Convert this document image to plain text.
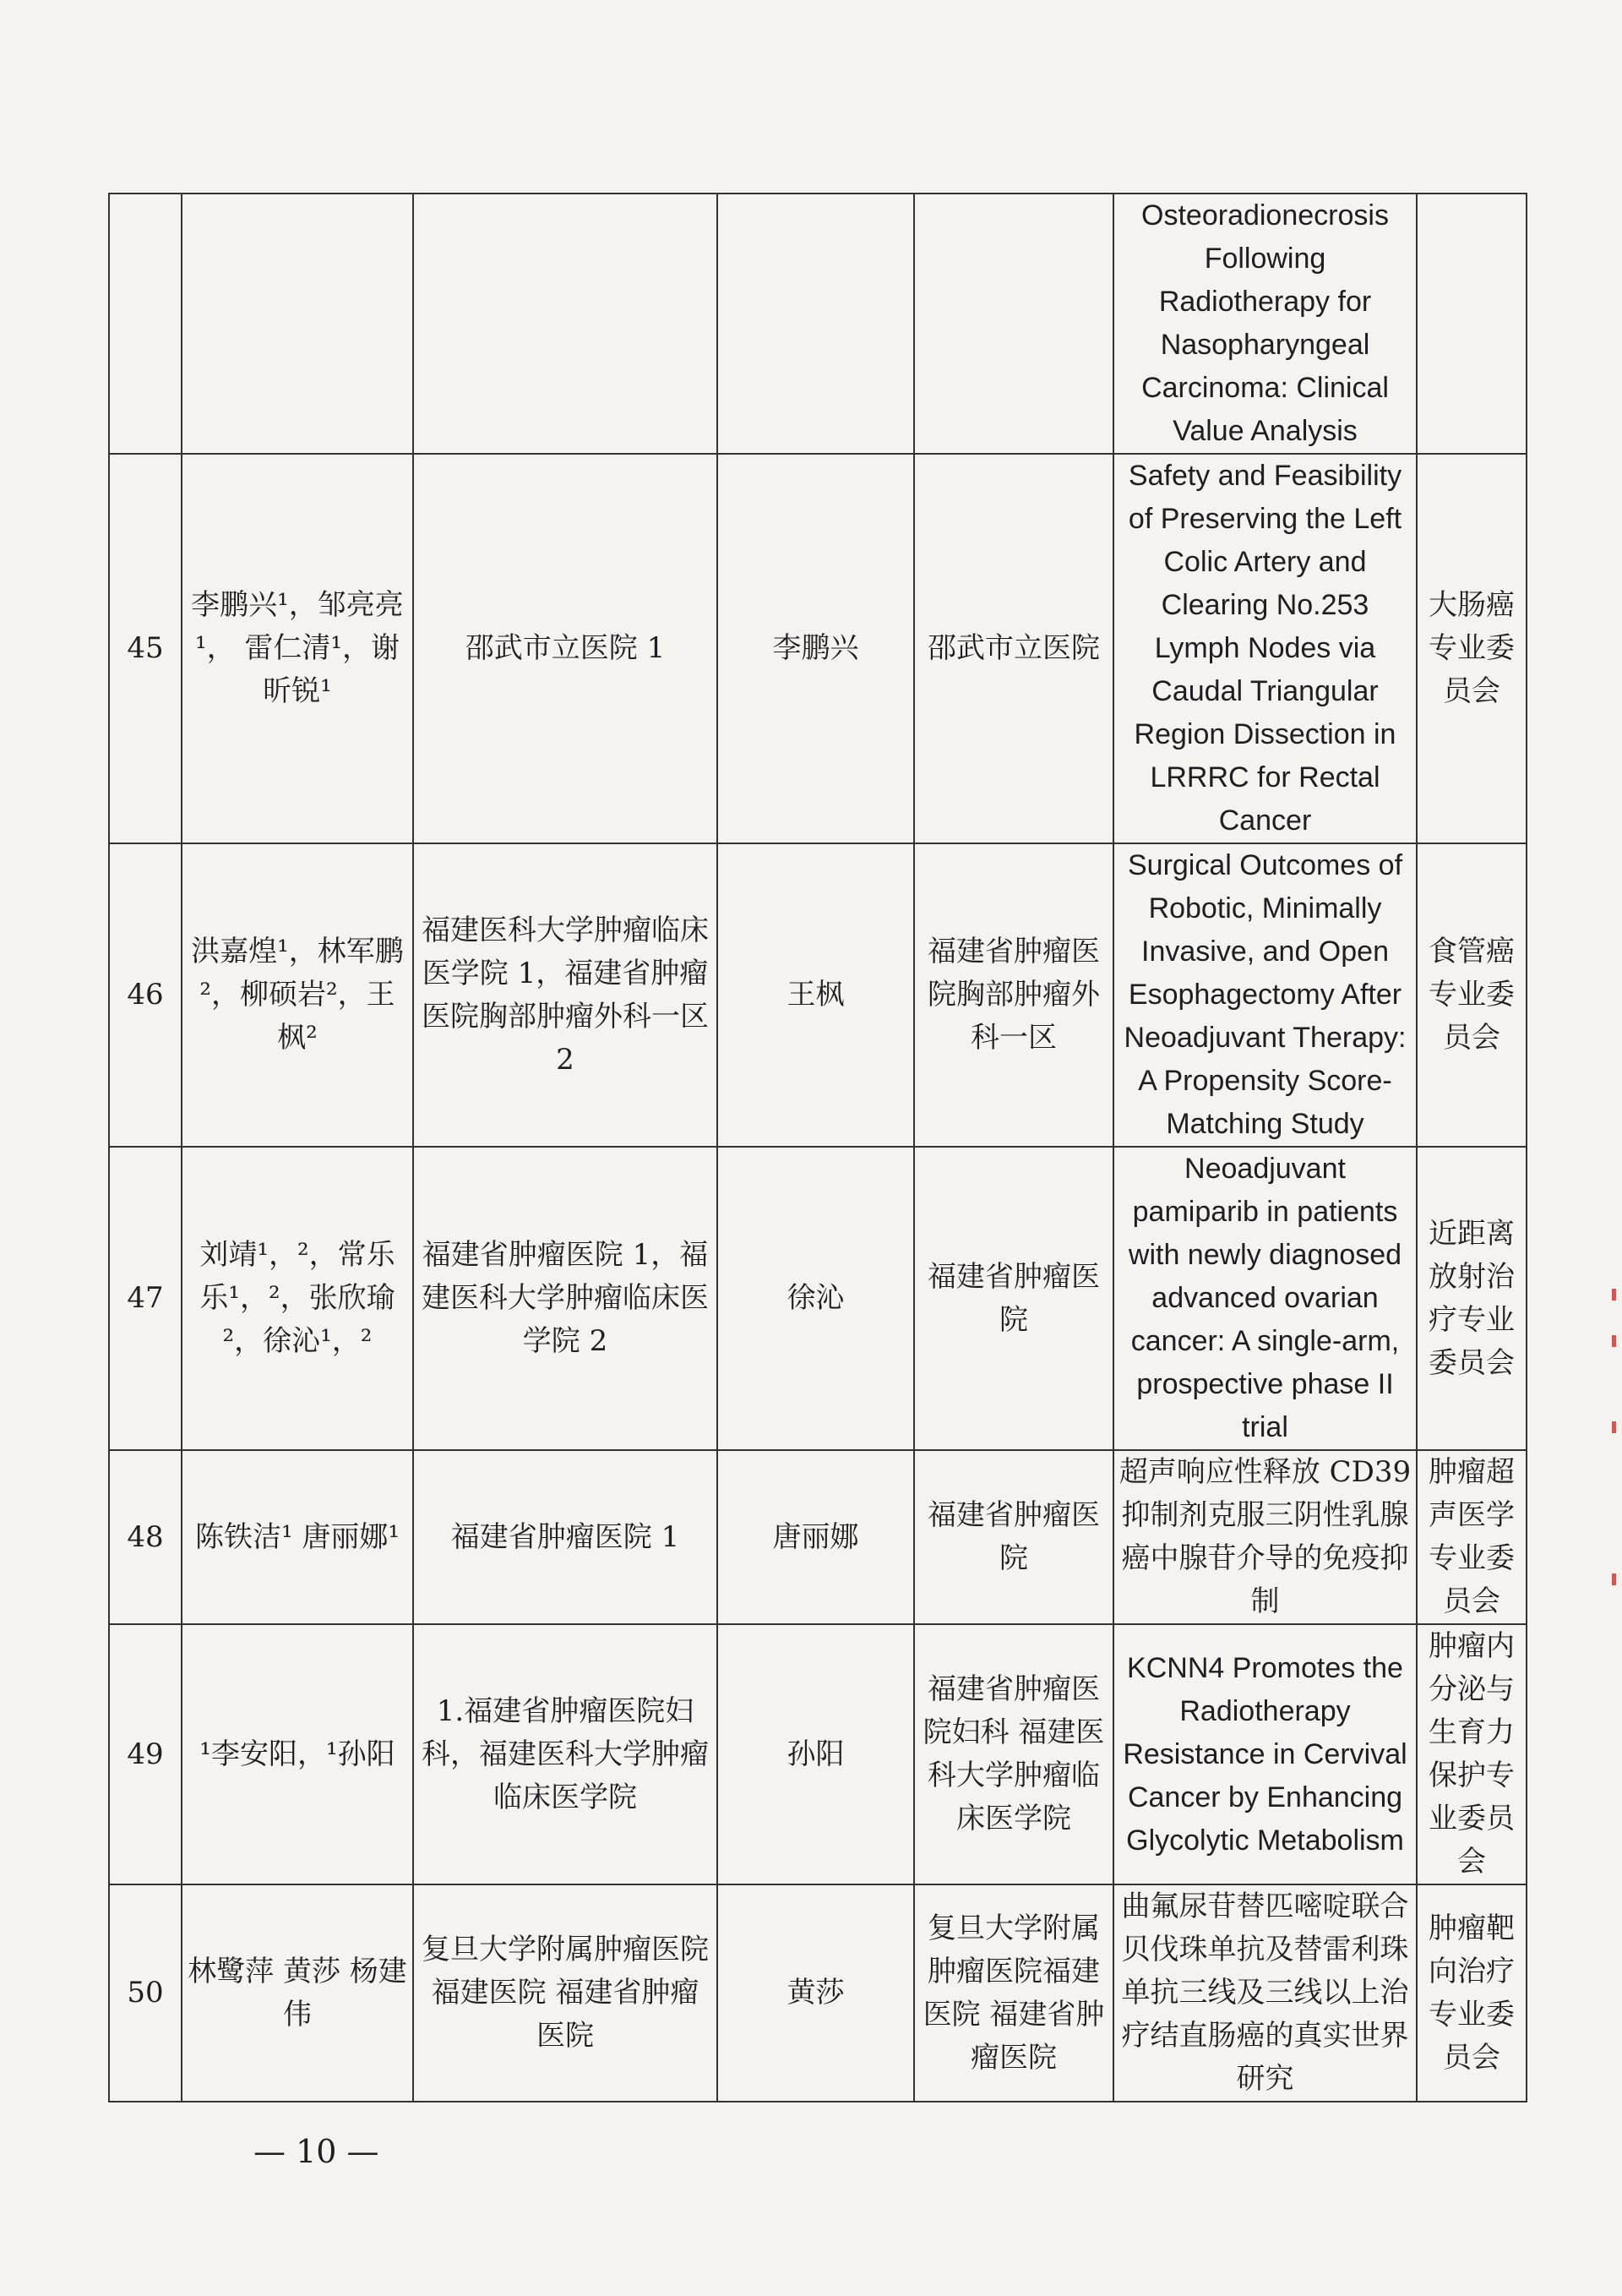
					Osteoradionecrosis Following Radiotherapy for Nasopharyngeal Carcinoma: Clinical Value Analysis	
45	李鹏兴¹，邹亮亮¹， 雷仁清¹，谢昕锐¹	邵武市立医院 1	李鹏兴	邵武市立医院	Safety and Feasibility of Preserving the Left Colic Artery and Clearing No.253 Lymph Nodes via Caudal Triangular Region Dissection in LRRRC for Rectal Cancer	大肠癌专业委员会
46	洪嘉煌¹，林军鹏²，柳硕岩²，王枫²	福建医科大学肿瘤临床医学院 1，福建省肿瘤医院胸部肿瘤外科一区 2	王枫	福建省肿瘤医院胸部肿瘤外科一区	Surgical Outcomes of Robotic, Minimally Invasive, and Open Esophagectomy After Neoadjuvant Therapy: A Propensity Score-Matching Study	食管癌专业委员会
47	刘靖¹，²，常乐乐¹，²，张欣瑜²，徐沁¹，²	福建省肿瘤医院 1，福建医科大学肿瘤临床医学院 2	徐沁	福建省肿瘤医院	Neoadjuvant pamiparib in patients with newly diagnosed advanced ovarian cancer: A single-arm, prospective phase II trial	近距离放射治疗专业委员会
48	陈铁洁¹ 唐丽娜¹	福建省肿瘤医院 1	唐丽娜	福建省肿瘤医院	超声响应性释放 CD39 抑制剂克服三阴性乳腺癌中腺苷介导的免疫抑制	肿瘤超声医学专业委员会
49	¹李安阳，¹孙阳	1.福建省肿瘤医院妇科，福建医科大学肿瘤临床医学院	孙阳	福建省肿瘤医院妇科 福建医科大学肿瘤临床医学院	KCNN4 Promotes the Radiotherapy Resistance in Cervival Cancer by Enhancing Glycolytic Metabolism	肿瘤内分泌与生育力保护专业委员会
50	林鹭萍 黄莎 杨建伟	复旦大学附属肿瘤医院福建医院 福建省肿瘤医院	黄莎	复旦大学附属肿瘤医院福建医院 福建省肿瘤医院	曲氟尿苷替匹嘧啶联合贝伐珠单抗及替雷利珠单抗三线及三线以上治疗结直肠癌的真实世界研究	肿瘤靶向治疗专业委员会
— 10 —
